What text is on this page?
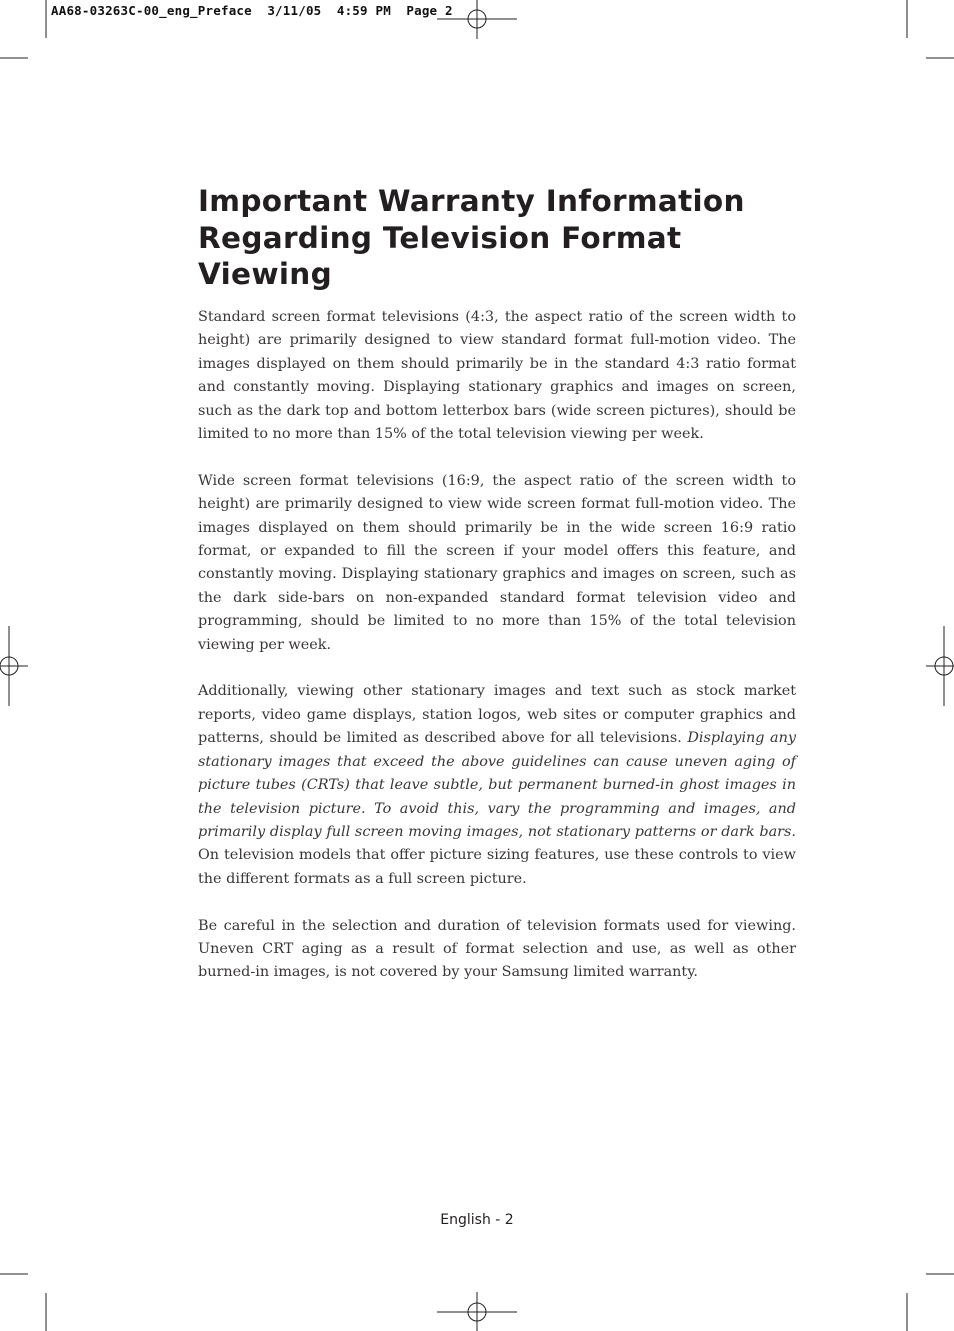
AA68-03263C-00_eng_Preface  3/11/05  4:59 PM  Page 2
Important Warranty Information
Regarding Television Format
Viewing

Standard screen format televisions (4:3, the aspect ratio of the screen width to height) are primarily designed to view standard format full-motion video. The images displayed on them should primarily be in the standard 4:3 ratio format and constantly moving. Displaying stationary graphics and images on screen, such as the dark top and bottom letterbox bars (wide screen pictures), should be limited to no more than 15% of the total television viewing per week.

Wide screen format televisions (16:9, the aspect ratio of the screen width to height) are primarily designed to view wide screen format full-motion video. The images displayed on them should primarily be in the wide screen 16:9 ratio format, or expanded to fill the screen if your model offers this feature, and constantly moving. Displaying stationary graphics and images on screen, such as the dark side-bars on non-expanded standard format television video and programming, should be limited to no more than 15% of the total television viewing per week.

Additionally, viewing other stationary images and text such as stock market reports, video game displays, station logos, web sites or computer graphics and patterns, should be limited as described above for all televisions. Displaying any stationary images that exceed the above guidelines can cause uneven aging of picture tubes (CRTs) that leave subtle, but permanent burned-in ghost images in the television picture. To avoid this, vary the programming and images, and primarily display full screen moving images, not stationary patterns or dark bars. On television models that offer picture sizing features, use these controls to view the different formats as a full screen picture.

Be careful in the selection and duration of television formats used for viewing. Uneven CRT aging as a result of format selection and use, as well as other burned-in images, is not covered by your Samsung limited warranty.

English - 2
